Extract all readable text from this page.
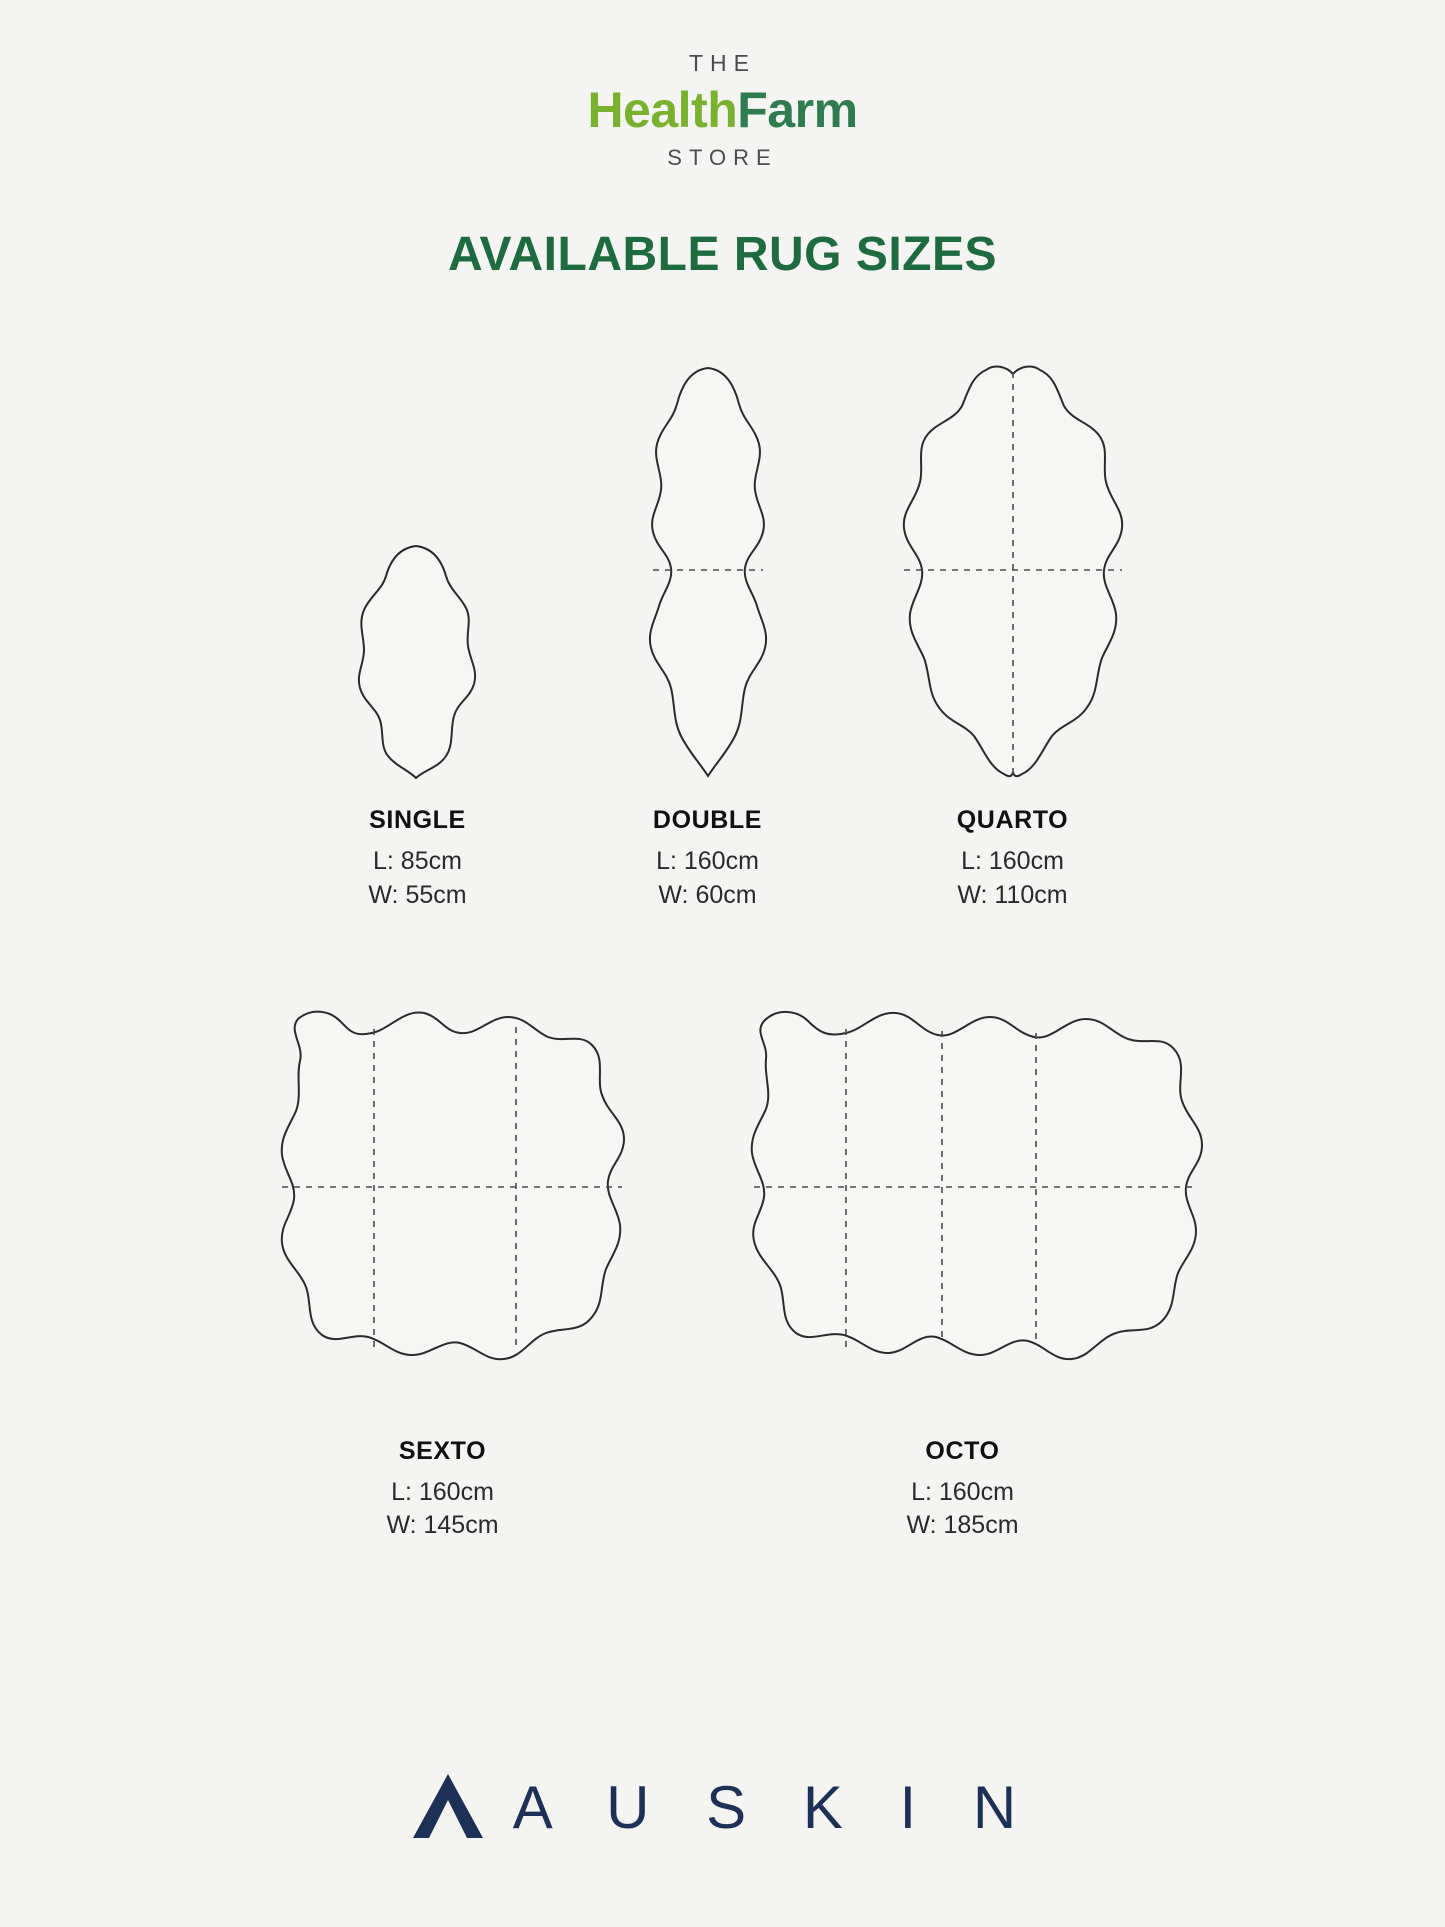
THE
HealthFarm
STORE
AVAILABLE RUG SIZES
SINGLE
L: 85cm
W: 55cm
DOUBLE
L: 160cm
W: 60cm
QUARTO
L: 160cm
W: 110cm
SEXTO
L: 160cm
W: 145cm
OCTO
L: 160cm
W: 185cm
A U S K I N
